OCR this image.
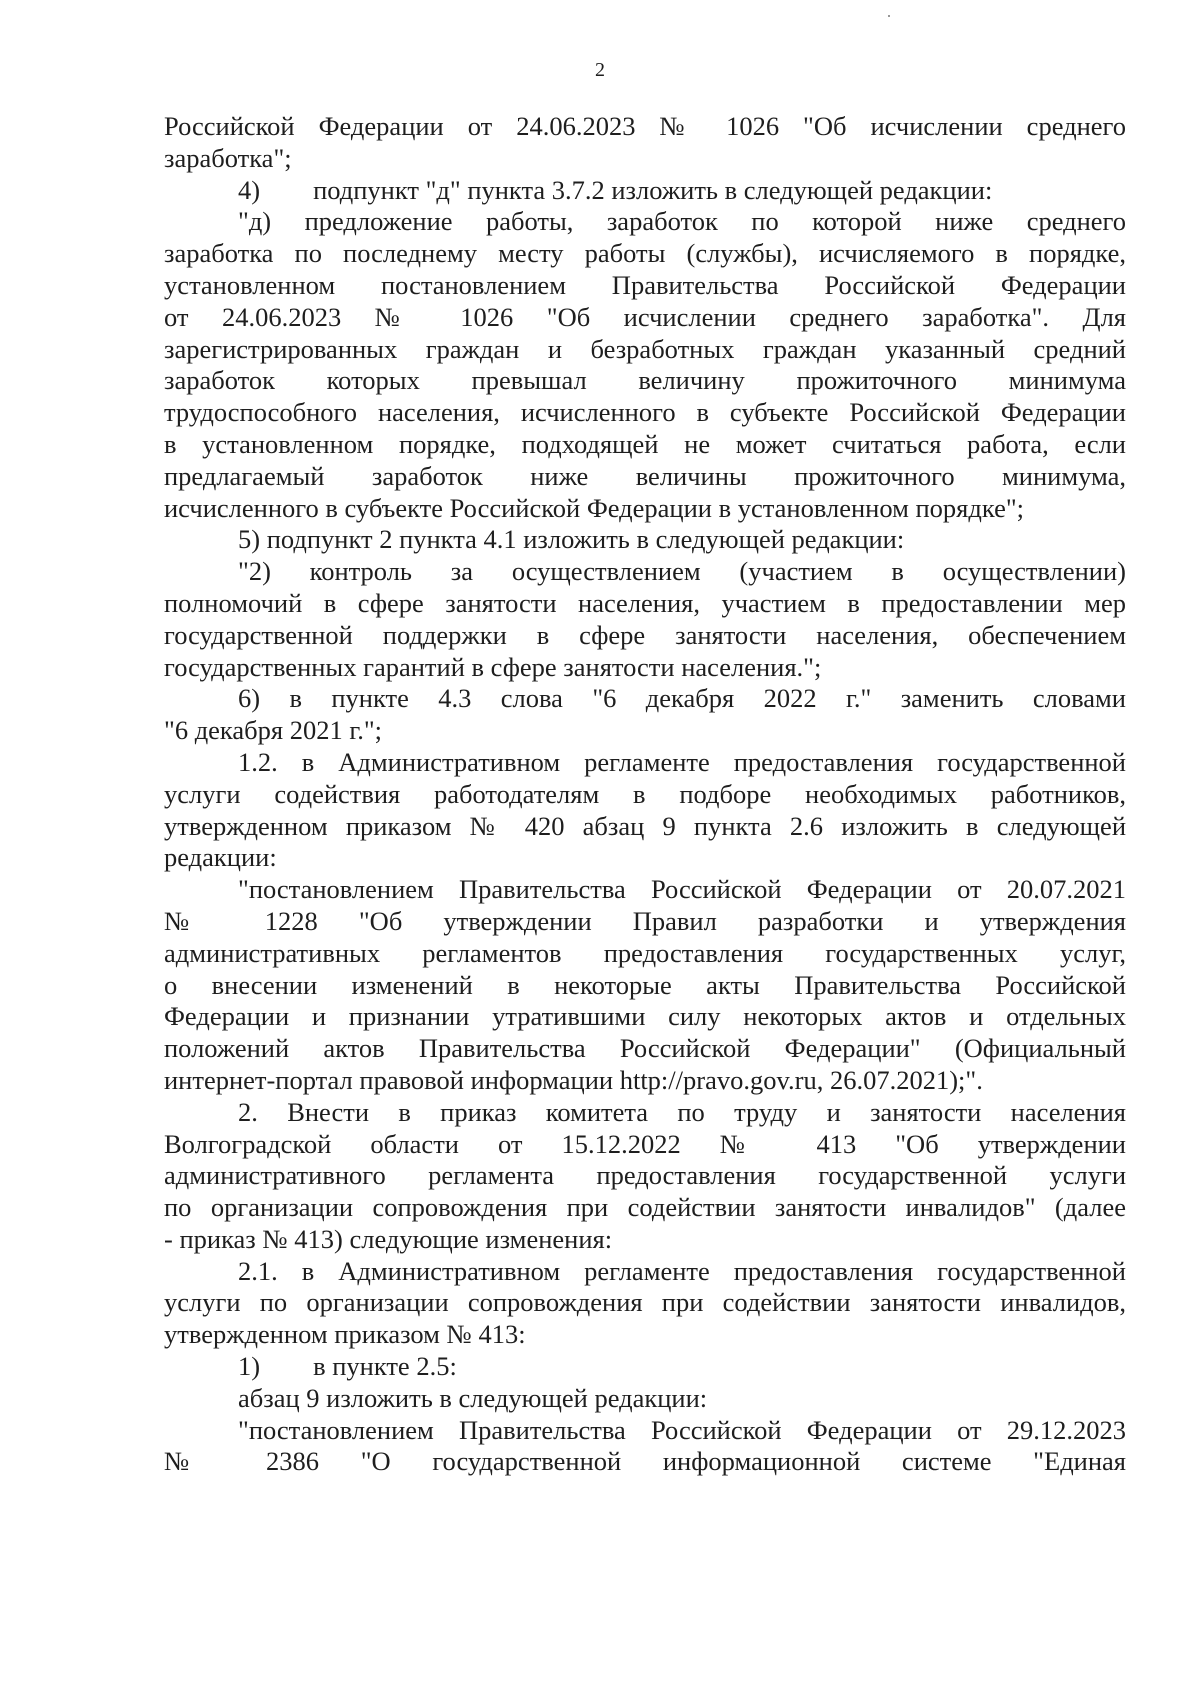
2

Российской Федерации от 24.06.2023 № 1026 "Об исчислении среднего

заработка";

4)  подпункт "д" пункта 3.7.2 изложить в следующей редакции:

"д) предложение работы, заработок по которой ниже среднего

заработка по последнему месту работы (службы), исчисляемого в порядке,

установленном постановлением Правительства Российской Федерации

от 24.06.2023 № 1026 "Об исчислении среднего заработка". Для

зарегистрированных граждан и безработных граждан указанный средний

заработок которых превышал величину прожиточного минимума

трудоспособного населения, исчисленного в субъекте Российской Федерации

в установленном порядке, подходящей не может считаться работа, если

предлагаемый заработок ниже величины прожиточного минимума,

исчисленного в субъекте Российской Федерации в установленном порядке";

5) подпункт 2 пункта 4.1 изложить в следующей редакции:

"2) контроль за осуществлением (участием в осуществлении)

полномочий в сфере занятости населения, участием в предоставлении мер

государственной поддержки в сфере занятости населения, обеспечением

государственных гарантий в сфере занятости населения.";

6) в пункте 4.3 слова "6 декабря 2022 г." заменить словами

"6 декабря 2021 г.";

1.2. в Административном регламенте предоставления государственной

услуги содействия работодателям в подборе необходимых работников,

утвержденном приказом № 420 абзац 9 пункта 2.6 изложить в следующей

редакции:

"постановлением Правительства Российской Федерации от 20.07.2021

№ 1228 "Об утверждении Правил разработки и утверждения

административных регламентов предоставления государственных услуг,

о внесении изменений в некоторые акты Правительства Российской

Федерации и признании утратившими силу некоторых актов и отдельных

положений актов Правительства Российской Федерации" (Официальный

интернет-портал правовой информации http://pravo.gov.ru, 26.07.2021);".

2. Внести в приказ комитета по труду и занятости населения

Волгоградской области от 15.12.2022 № 413 "Об утверждении

административного регламента предоставления государственной услуги

по организации сопровождения при содействии занятости инвалидов" (далее

- приказ № 413) следующие изменения:

2.1. в Административном регламенте предоставления государственной

услуги по организации сопровождения при содействии занятости инвалидов,

утвержденном приказом № 413:

1)  в пункте 2.5:

абзац 9 изложить в следующей редакции:

"постановлением Правительства Российской Федерации от 29.12.2023

№ 2386 "О государственной информационной системе "Единая
